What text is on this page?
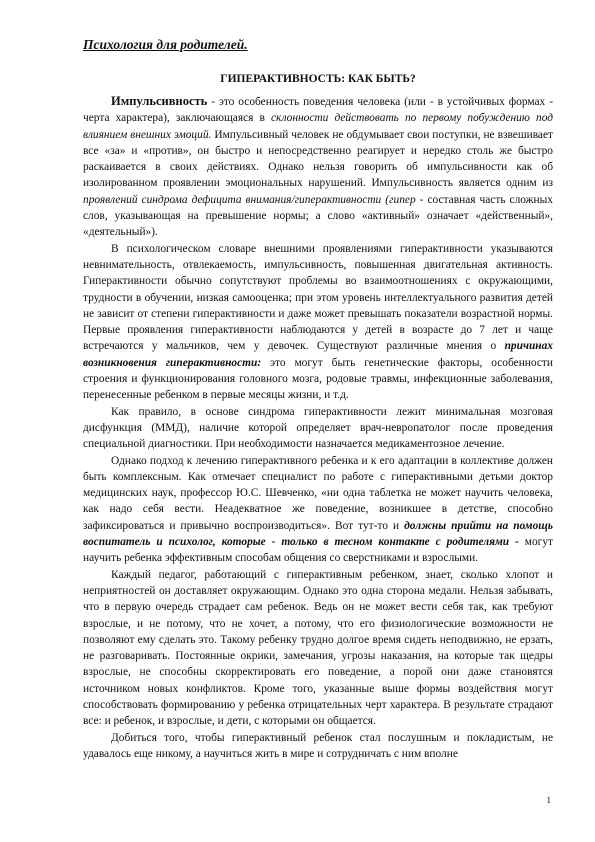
Психология для родителей.
ГИПЕРАКТИВНОСТЬ: КАК БЫТЬ?

Импульсивность - это особенность поведения человека (или - в устойчивых формах - черта характера), заключающаяся в склонности действовать по первому побуждению под влиянием внешних эмоций. Импульсивный человек не обдумывает свои поступки, не взвешивает все «за» и «против», он быстро и непосредственно реагирует и нередко столь же быстро раскаивается в своих действиях. Однако нельзя говорить об импульсивности как об изолированном проявлении эмоциональных нарушений. Импульсивность является одним из проявлений синдрома дефицита внимания/гиперактивности (гипер - составная часть сложных слов, указывающая на превышение нормы; а слово «активный» означает «действенный», «деятельный»).

В психологическом словаре внешними проявлениями гиперактивности указываются невнимательность, отвлекаемость, импульсивность, повышенная двигательная активность. Гиперактивности обычно сопутствуют проблемы во взаимоотношениях с окружающими, трудности в обучении, низкая самооценка; при этом уровень интеллектуального развития детей не зависит от степени гиперактивности и даже может превышать показатели возрастной нормы. Первые проявления гиперактивности наблюдаются у детей в возрасте до 7 лет и чаще встречаются у мальчиков, чем у девочек. Существуют различные мнения о причинах возникновения гиперактивности: это могут быть генетические факторы, особенности строения и функционирования головного мозга, родовые травмы, инфекционные заболевания, перенесенные ребенком в первые месяцы жизни, и т.д.

Как правило, в основе синдрома гиперактивности лежит минимальная мозговая дисфункция (ММД), наличие которой определяет врач-невропатолог после проведения специальной диагностики. При необходимости назначается медикаментозное лечение.

Однако подход к лечению гиперактивного ребенка и к его адаптации в коллективе должен быть комплексным. Как отмечает специалист по работе с гиперактивными детьми доктор медицинских наук, профессор Ю.С. Шевченко, «ни одна таблетка не может научить человека, как надо себя вести. Неадекватное же поведение, возникшее в детстве, способно зафиксироваться и привычно воспроизводиться». Вот тут-то и должны прийти на помощь воспитатель и психолог, которые - только в тесном контакте с родителями - могут научить ребенка эффективным способам общения со сверстниками и взрослыми.

Каждый педагог, работающий с гиперактивным ребенком, знает, сколько хлопот и неприятностей он доставляет окружающим. Однако это одна сторона медали. Нельзя забывать, что в первую очередь страдает сам ребенок. Ведь он не может вести себя так, как требуют взрослые, и не потому, что не хочет, а потому, что его физиологические возможности не позволяют ему сделать это. Такому ребенку трудно долгое время сидеть неподвижно, не ерзать, не разговаривать. Постоянные окрики, замечания, угрозы наказания, на которые так щедры взрослые, не способны скорректировать его поведение, а порой они даже становятся источником новых конфликтов. Кроме того, указанные выше формы воздействия могут способствовать формированию у ребенка отрицательных черт характера. В результате страдают все: и ребенок, и взрослые, и дети, с которыми он общается.

Добиться того, чтобы гиперактивный ребенок стал послушным и покладистым, не удавалось еще никому, а научиться жить в мире и сотрудничать с ним вполне

1
